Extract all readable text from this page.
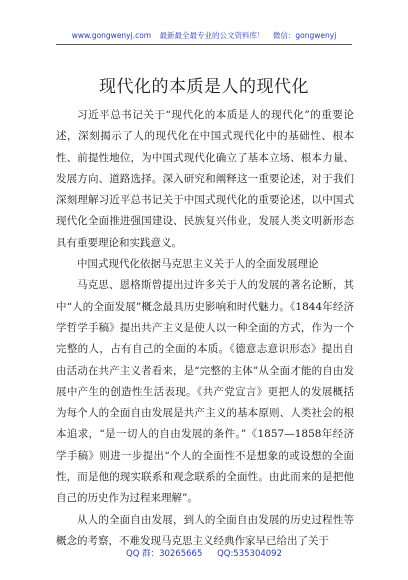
www.gongwenyj.com 最新最全最专业的公文资料库！ 微信：gongwenyj
现代化的本质是人的现代化

习近平总书记关于“现代化的本质是人的现代化”的重要论述，深刻揭示了人的现代化在中国式现代化中的基础性、根本性、前提性地位，为中国式现代化确立了基本立场、根本力量、发展方向、道路选择。深入研究和阐释这一重要论述，对于我们深刻理解习近平总书记关于中国式现代化的重要论述，以中国式现代化全面推进强国建设、民族复兴伟业，发展人类文明新形态具有重要理论和实践意义。

中国式现代化依据马克思主义关于人的全面发展理论

马克思、恩格斯曾提出过许多关于人的发展的著名论断，其中“人的全面发展”概念最具历史影响和时代魅力。《1844年经济学哲学手稿》提出共产主义是使人以一种全面的方式，作为一个完整的人，占有自己的全面的本质。《德意志意识形态》提出自由活动在共产主义者看来，是“完整的主体”从全面才能的自由发展中产生的创造性生活表现。《共产党宣言》更把人的发展概括为每个人的全面自由发展是共产主义的基本原则、人类社会的根本追求，“是一切人的自由发展的条件。”《1857—1858年经济学手稿》则进一步提出“个人的全面性不是想象的或设想的全面性，而是他的现实联系和观念联系的全面性。由此而来的是把他自己的历史作为过程来理解”。

从人的全面自由发展，到人的全面自由发展的历史过程性等概念的考察，不难发现马克思主义经典作家早已给出了关于

QQ 群：30265665 QQ:535304092
